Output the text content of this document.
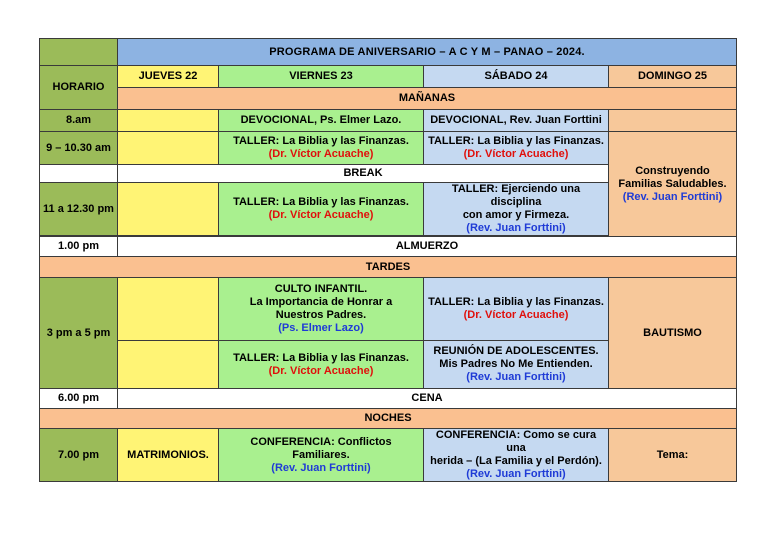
	PROGRAMA DE ANIVERSARIO – A C Y M – PANAO – 2024.			
HORARIO	JUEVES 22	VIERNES 23	SÁBADO 24	DOMINGO 25
	MAÑANAS			
8.am		DEVOCIONAL, Ps. Elmer Lazo.	DEVOCIONAL, Rev. Juan Forttini	

9 – 10.30 am		TALLER: La Biblia y las Finanzas.
(Dr. Víctor Acuache)	TALLER: La Biblia y las Finanzas.
(Dr. Víctor Acuache)	Construyendo
Familias Saludables.
(Rev. Juan Forttini)

	BREAK			
11 a 12.30 pm		TALLER: La Biblia y las Finanzas.
(Dr. Víctor Acuache)	TALLER: Ejerciendo una disciplina
con amor y Firmeza.
(Rev. Juan Forttini)	

1.00 pm	ALMUERZO			
TARDES				
3 pm a 5 pm		CULTO INFANTIL.
La Importancia de Honrar a
Nuestros Padres.
(Ps. Elmer Lazo)	TALLER: La Biblia y las Finanzas.
(Dr. Víctor Acuache)	BAUTISMO

		TALLER: La Biblia y las Finanzas.
(Dr. Víctor Acuache)	REUNIÓN DE ADOLESCENTES.
Mis Padres No Me Entienden.
(Rev. Juan Forttini)	

6.00 pm	CENA			
NOCHES				
7.00 pm	MATRIMONIOS.	CONFERENCIA: Conflictos
Familiares.
(Rev. Juan Forttini)	CONFERENCIA: Como se cura una
herida – (La Familia y el Perdón).
(Rev. Juan Forttini)	Tema:
